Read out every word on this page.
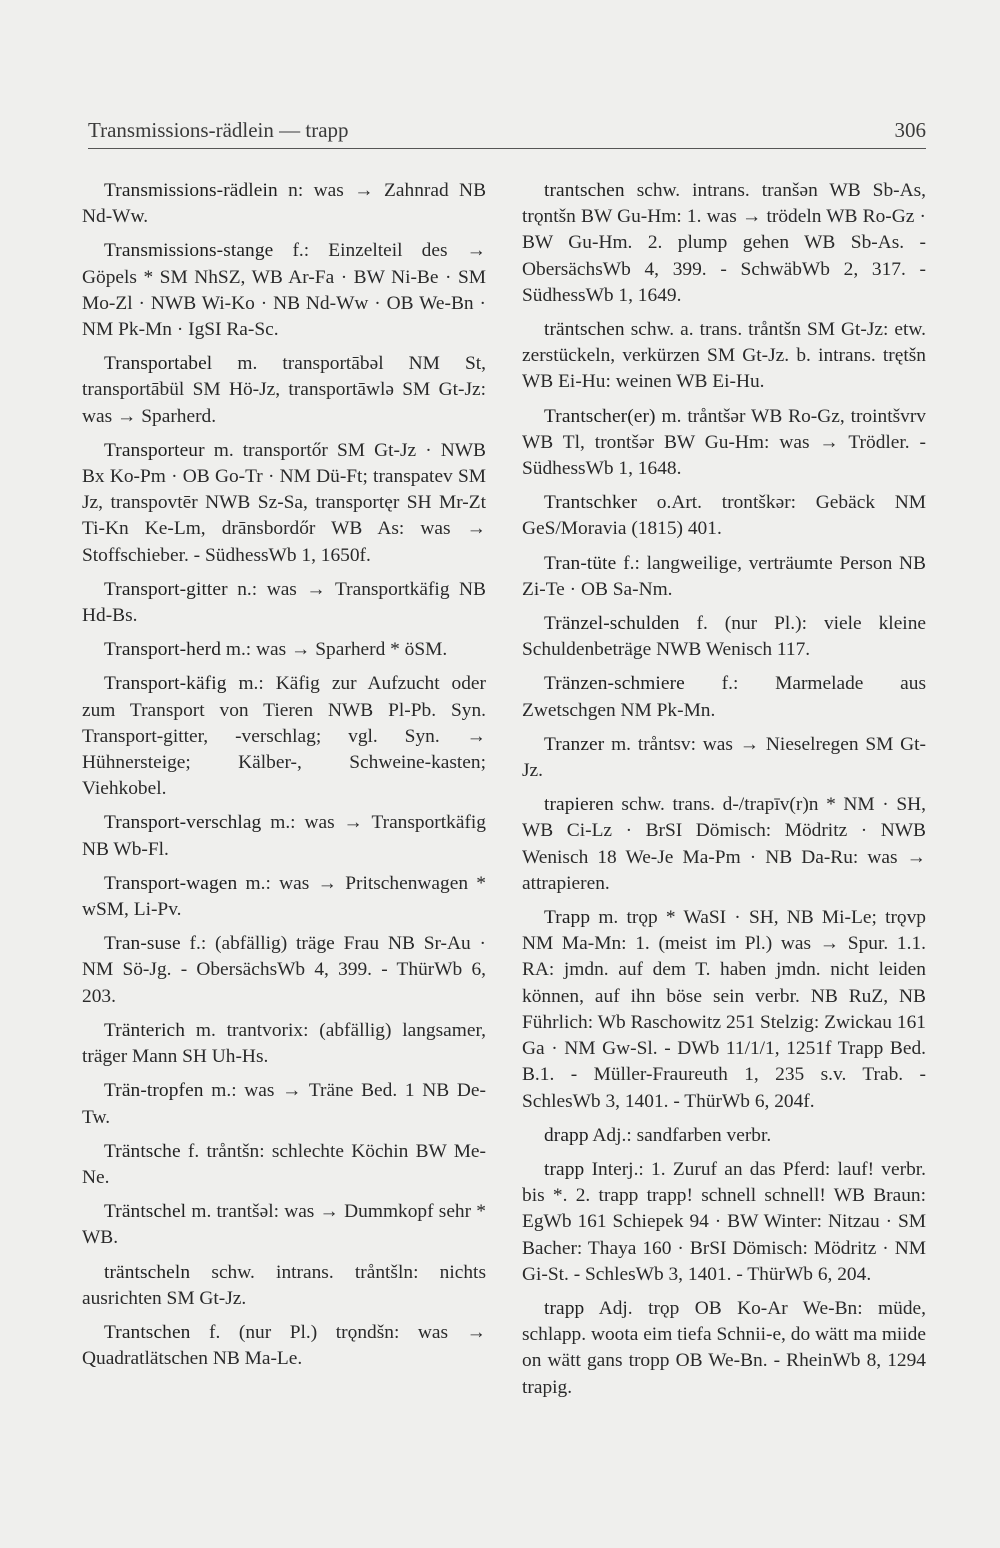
Transmissions-rädlein — trapp	306

Transmissions-rädlein n: was → Zahnrad NB Nd-Ww.

Transmissions-stange f.: Einzelteil des → Göpels * SM NhSZ, WB Ar-Fa · BW Ni-Be · SM Mo-Zl · NWB Wi-Ko · NB Nd-Ww · OB We-Bn · NM Pk-Mn · IgSI Ra-Sc.

Transportabel m. transportābəl NM St, transportābül SM Hö-Jz, transportāwlə SM Gt-Jz: was → Sparherd.

Transporteur m. transportőr SM Gt-Jz · NWB Bx Ko-Pm · OB Go-Tr · NM Dü-Ft; transpatev SM Jz, transpovtēr NWB Sz-Sa, transportęr SH Mr-Zt Ti-Kn Ke-Lm, drānsbordőr WB As: was → Stoffschieber. - SüdhessWb 1, 1650f.

Transport-gitter n.: was → Transportkäfig NB Hd-Bs.

Transport-herd m.: was → Sparherd * öSM.

Transport-käfig m.: Käfig zur Aufzucht oder zum Transport von Tieren NWB Pl-Pb. Syn. Transport-gitter, -verschlag; vgl. Syn. → Hühnersteige; Kälber-, Schweine-kasten; Viehkobel.

Transport-verschlag m.: was → Transportkäfig NB Wb-Fl.

Transport-wagen m.: was → Pritschenwagen * wSM, Li-Pv.

Tran-suse f.: (abfällig) träge Frau NB Sr-Au · NM Sö-Jg. - ObersächsWb 4, 399. - ThürWb 6, 203.

Tränterich m. trantvorix: (abfällig) langsamer, träger Mann SH Uh-Hs.

Trän-tropfen m.: was → Träne Bed. 1 NB De-Tw.

Träntsche f. tråntšn: schlechte Köchin BW Me-Ne.

Träntschel m. trantšəl: was → Dummkopf sehr * WB.

träntscheln schw. intrans. tråntšln: nichts ausrichten SM Gt-Jz.

Trantschen f. (nur Pl.) trǫndšn: was → Quadratlätschen NB Ma-Le.

trantschen schw. intrans. tranšən WB Sb-As, trǫntšn BW Gu-Hm: 1. was → trödeln WB Ro-Gz · BW Gu-Hm. 2. plump gehen WB Sb-As. - ObersächsWb 4, 399. - SchwäbWb 2, 317. - SüdhessWb 1, 1649.

träntschen schw. a. trans. tråntšn SM Gt-Jz: etw. zerstückeln, verkürzen SM Gt-Jz. b. intrans. trętšn WB Ei-Hu: weinen WB Ei-Hu.

Trantscher(er) m. tråntšər WB Ro-Gz, trointšvrv WB Tl, trontšər BW Gu-Hm: was → Trödler. - SüdhessWb 1, 1648.

Trantschker o.Art. trontškər: Gebäck NM GeS/Moravia (1815) 401.

Tran-tüte f.: langweilige, verträumte Person NB Zi-Te · OB Sa-Nm.

Tränzel-schulden f. (nur Pl.): viele kleine Schuldenbeträge NWB Wenisch 117.

Tränzen-schmiere f.: Marmelade aus Zwetschgen NM Pk-Mn.

Tranzer m. tråntsv: was → Nieselregen SM Gt-Jz.

trapieren schw. trans. d-/trapīv(r)n * NM · SH, WB Ci-Lz · BrSI Dömisch: Mödritz · NWB Wenisch 18 We-Je Ma-Pm · NB Da-Ru: was → attrapieren.

Trapp m. trǫp * WaSI · SH, NB Mi-Le; trǫvp NM Ma-Mn: 1. (meist im Pl.) was → Spur. 1.1. RA: jmdn. auf dem T. haben jmdn. nicht leiden können, auf ihn böse sein verbr. NB RuZ, NB Führlich: Wb Raschowitz 251 Stelzig: Zwickau 161 Ga · NM Gw-Sl. - DWb 11/1/1, 1251f Trapp Bed. B.1. - Müller-Fraureuth 1, 235 s.v. Trab. - SchlesWb 3, 1401. - ThürWb 6, 204f.

drapp Adj.: sandfarben verbr.

trapp Interj.: 1. Zuruf an das Pferd: lauf! verbr. bis *. 2. trapp trapp! schnell schnell! WB Braun: EgWb 161 Schiepek 94 · BW Winter: Nitzau · SM Bacher: Thaya 160 · BrSI Dömisch: Mödritz · NM Gi-St. - SchlesWb 3, 1401. - ThürWb 6, 204.

trapp Adj. trǫp OB Ko-Ar We-Bn: müde, schlapp. woota eim tiefa Schnii-e, do wätt ma miide on wätt gans tropp OB We-Bn. - RheinWb 8, 1294 trapig.
